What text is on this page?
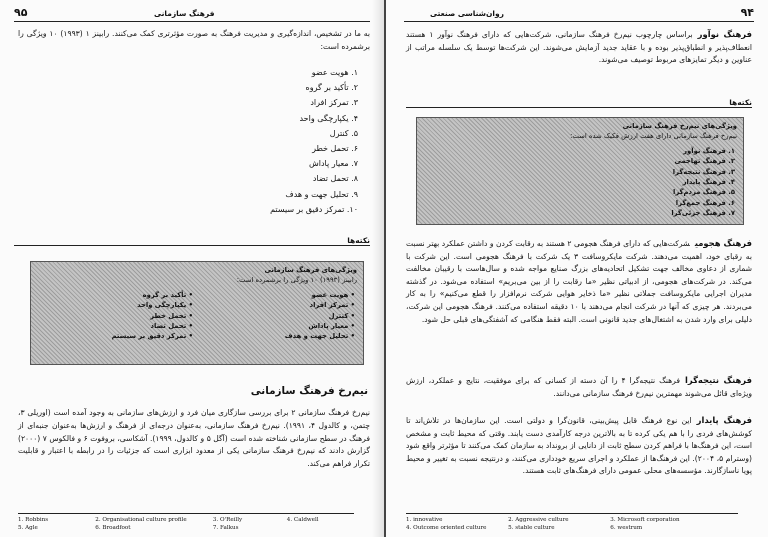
۹۵	فرهنگ سازمانی

به ما در تشخیص، اندازه‌گیری و مدیریت فرهنگ به صورت مؤثرتری کمک می‌کنند. رابینز ۱ (۱۹۹۳) ۱۰ ویژگی را برشمرده است:

۱. هویت عضو
۲. تأکید بر گروه
۳. تمرکز افراد
۴. یکپارچگی واحد
۵. کنترل
۶. تحمل خطر
۷. معیار پاداش
۸. تحمل تضاد
۹. تحلیل جهت و هدف
۱۰. تمرکز دقیق بر سیستم
نکته‌ها
ویژگی‌های فرهنگ سازمانی
رابینز (۱۹۹۳) ۱۰ ویژگی را برشمرده است:
• هویت عضو
• تمرکز افراد
• کنترل
• معیار پاداش
• تحلیل جهت و هدف
• تأکید بر گروه
• یکپارچگی واحد
• تحمل خطر
• تحمل تضاد
• تمرکز دقیق بر سیستم
نیم‌رخ فرهنگ سازمانی

نیم‌رخ فرهنگ سازمانی ۲ برای بررسی سازگاری میان فرد و ارزش‌های سازمانی به وجود آمده است (اوریلی ۳، چتمن، و کالدول ۴، ۱۹۹۱). نیم‌رخ فرهنگ سازمانی، به‌عنوان درجه‌ای از فرهنگ و ارزش‌ها به‌عنوان جنبه‌ای از فرهنگ در سطح سازمانی شناخته شده است (آگل ۵ و کالدول، ۱۹۹۹). آشکاسی، بروفوت ۶ و فالکوس ۷ (۲۰۰۰) گزارش دادند که نیم‌رخ فرهنگ سازمانی یکی از معدود ابزاری است که جزئیات را در رابطه با اعتبار و قابلیت تکرار فراهم می‌کند.

1. Robbins
5. Agle
2. Organisational culture profile
6. Broadfoot
3. O'Reilly
7. Falkus
4. Caldwell
۹۴
روان‌شناسی صنعتی

فرهنگ نوآوربراساس چارچوب نیم‌رخ فرهنگ سازمانی، شرکت‌هایی که دارای فرهنگ نوآور ۱ هستند انعطاف‌پذیر و انطباق‌پذیر بوده و با عقاید جدید آزمایش می‌شوند. این شرکت‌ها توسط یک سلسله مراتب از عناوین و دیگر تمایزهای مربوط توصیف می‌شوند.

نکته‌ها
ویژگی‌های نیم‌رخ فرهنگ سازمانی
نیم‌رخ فرهنگ سازمانی دارای هفت ارزش فکیک شده است:
۱. فرهنگ نوآور
۲. فرهنگ تهاجمی
۳. فرهنگ نتیجه‌گرا
۴. فرهنگ پایدار
۵. فرهنگ مردم‌گرا
۶. فرهنگ جمع‌گرا
۷. فرهنگ جزئی‌گرا

فرهنگ هجومیشرکت‌هایی که دارای فرهنگ هجومی ۲ هستند به رقابت کردن و داشتن عملکرد بهتر نسبت به رقبای خود، اهمیت می‌دهند. شرکت مایکروسافت ۳ یک شرکت با فرهنگ هجومی است. این شرکت با شماری از دعاوی مخالف جهت تشکیل اتحادیه‌های بزرگ صنایع مواجه شده و سال‌هاست با رقیبان مخالفت می‌کند. در شرکت‌های هجومی، از ادبیاتی نظیر «ما رقابت را از بین می‌بریم» استفاده می‌شود. در گذشته مدیران اجرایی مایکروسافت جملاتی نظیر «ما ذخایر هوایی شرکت نرم‌افزار را قطع می‌کنیم» را به کار می‌بردند. هر چیزی که آنها در شرکت انجام می‌دهند با ۱۰ دقیقه استفاده می‌کنند. فرهنگ هجومی این شرکت، دلیلی برای وارد شدن به اشتغال‌های جدید قانونی است. البته فقط هنگامی که آشفتگی‌های قبلی حل شود.

فرهنگ نتیجه‌گرافرهنگ نتیجه‌گرا ۴ را آن دسته از کسانی که برای موفقیت، نتایج و عملکرد، ارزش ویژه‌ای قائل می‌شوند مهمترین نیم‌رخ فرهنگ سازمانی می‌دانند.

فرهنگ پایداراین نوع فرهنگ قابل پیش‌بینی، قانون‌گرا و دولتی است. این سازمان‌ها در تلاش‌اند تا کوشش‌های فردی را با هم یکی کرده تا به بالاترین درجه کارآمدی دست یابند. وقتی که محیط ثابت و مشخص است، این فرهنگ‌ها با فراهم کردن سطح ثابت از دانایی از برونداد به سازمان کمک می‌کنند تا مؤثرتر واقع شود (وسترام ۵، ۲۰۰۴). این فرهنگ‌ها از عملکرد و اجرای سریع خودداری می‌کنند، و درنتیجه نسبت به تغییر و محیط پویا ناسازگارند. مؤسسه‌های محلی عمومی دارای فرهنگ‌های ثابت هستند.

1. innovative
4. Outcome oriented culture
2. Aggressive culture
5. stable culture
3. Microsoft corporation
6. westrum
